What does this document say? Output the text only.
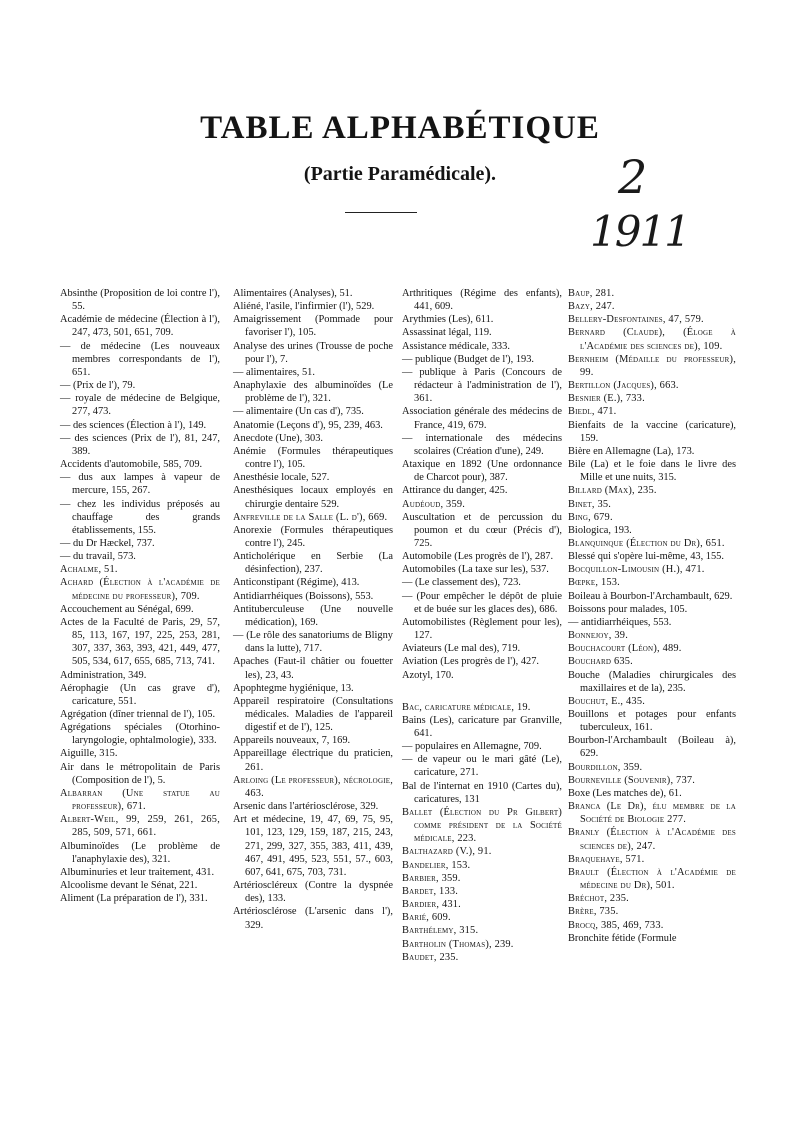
TABLE ALPHABÉTIQUE
(Partie Paramédicale).	2
1911

Absinthe (Proposition de loi contre l'), 55.

Académie de médecine (Élection à l'), 247, 473, 501, 651, 709.

— de médecine (Les nouveaux membres correspondants de l'), 651.

— (Prix de l'), 79.

— royale de médecine de Belgique, 277, 473.

— des sciences (Élection à l'), 149.

— des sciences (Prix de l'), 81, 247, 389.

Accidents d'automobile, 585, 709.

— dus aux lampes à vapeur de mercure, 155, 267.

— chez les individus préposés au chauffage des grands établissements, 155.

— du Dr Hæckel, 737.

— du travail, 573.

Achalme, 51.

Achard (Élection à l'académie de médecine du professeur), 709.

Accouchement au Sénégal, 699.

Actes de la Faculté de Paris, 29, 57, 85, 113, 167, 197, 225, 253, 281, 307, 337, 363, 393, 421, 449, 477, 505, 534, 617, 655, 685, 713, 741.

Administration, 349.

Aérophagie (Un cas grave d'), caricature, 551.

Agrégation (dîner triennal de l'), 105.

Agrégations spéciales (Otorhino-laryngologie, ophtalmologie), 333.

Aiguille, 315.

Air dans le métropolitain de Paris (Composition de l'), 5.

Albarran (Une statue au professeur), 671.

Albert-Weil, 99, 259, 261, 265, 285, 509, 571, 661.

Albuminoïdes (Le problème de l'anaphylaxie des), 321.

Albuminuries et leur traitement, 431.

Alcoolisme devant le Sénat, 221.

Aliment (La préparation de l'), 331.

Alimentaires (Analyses), 51.

Aliéné, l'asile, l'infirmier (l'), 529.

Amaigrissement (Pommade pour favoriser l'), 105.

Analyse des urines (Trousse de poche pour l'), 7.

— alimentaires, 51.

Anaphylaxie des albuminoïdes (Le problème de l'), 321.

— alimentaire (Un cas d'), 735.

Anatomie (Leçons d'), 95, 239, 463.

Anecdote (Une), 303.

Anémie (Formules thérapeutiques contre l'), 105.

Anesthésie locale, 527.

Anesthésiques locaux employés en chirurgie dentaire 529.

Anfreville de la Salle (L. d'), 669.

Anorexie (Formules thérapeutiques contre l'), 245.

Anticholérique en Serbie (La désinfection), 237.

Anticonstipant (Régime), 413.

Antidiarrhéiques (Boissons), 553.

Antituberculeuse (Une nouvelle médication), 169.

— (Le rôle des sanatoriums de Bligny dans la lutte), 717.

Apaches (Faut-il châtier ou fouetter les), 23, 43.

Apophtegme hygiénique, 13.

Appareil respiratoire (Consultations médicales. Maladies de l'appareil digestif et de l'), 125.

Appareils nouveaux, 7, 169.

Appareillage électrique du praticien, 261.

Arloing (Le professeur), nécrologie, 463.

Arsenic dans l'artériosclérose, 329.

Art et médecine, 19, 47, 69, 75, 95, 101, 123, 129, 159, 187, 215, 243, 271, 299, 327, 355, 383, 411, 439, 467, 491, 495, 523, 551, 57., 603, 607, 641, 675, 703, 731.

Artérioscléreux (Contre la dyspnée des), 133.

Artériosclérose (L'arsenic dans l'), 329.

Arthritiques (Régime des enfants), 441, 609.

Arythmies (Les), 611.

Assassinat légal, 119.

Assistance médicale, 333.

— publique (Budget de l'), 193.

— publique à Paris (Concours de rédacteur à l'administration de l'), 361.

Association générale des médecins de France, 419, 679.

— internationale des médecins scolaires (Création d'une), 249.

Ataxique en 1892 (Une ordonnance de Charcot pour), 387.

Attirance du danger, 425.

Audéoud, 359.

Auscultation et de percussion du poumon et du cœur (Précis d'), 725.

Automobile (Les progrès de l'), 287.

Automobiles (La taxe sur les), 537.

— (Le classement des), 723.

— (Pour empêcher le dépôt de pluie et de buée sur les glaces des), 686.

Automobilistes (Règlement pour les), 127.

Aviateurs (Le mal des), 719.

Aviation (Les progrès de l'), 427.

Azotyl, 170.

Bac, caricature médicale, 19.

Bains (Les), caricature par Granville, 641.

— populaires en Allemagne, 709.

— de vapeur ou le mari gâté (Le), caricature, 271.

Bal de l'internat en 1910 (Cartes du), caricatures, 131

Ballet (Élection du Pr Gilbert) comme président de la Société médicale, 223.

Balthazard (V.), 91.

Bandelier, 153.

Barbier, 359.

Bardet, 133.

Bardier, 431.

Barié, 609.

Barthélemy, 315.

Bartholin (Thomas), 239.

Baudet, 235.

Baup, 281.

Bazy, 247.

Bellery-Desfontaines, 47, 579.

Bernard (Claude), (Éloge à l'Académie des sciences de), 109.

Bernheim (Médaille du professeur), 99.

Bertillon (Jacques), 663.

Besnier (E.), 733.

Biedl, 471.

Bienfaits de la vaccine (caricature), 159.

Bière en Allemagne (La), 173.

Bile (La) et le foie dans le livre des Mille et une nuits, 315.

Billard (Max), 235.

Binet, 35.

Bing, 679.

Biologica, 193.

Blanquinque (Élection du Dr), 651.

Blessé qui s'opère lui-même, 43, 155.

Bocquillon-Limousin (H.), 471.

Bœpke, 153.

Boileau à Bourbon-l'Archambault, 629.

Boissons pour malades, 105.

— antidiarrhéiques, 553.

Bonnejoy, 39.

Bouchacourt (Léon), 489.

Bouchard 635.

Bouche (Maladies chirurgicales des maxillaires et de la), 235.

Bouchut, E., 435.

Bouillons et potages pour enfants tuberculeux, 161.

Bourbon-l'Archambault (Boileau à), 629.

Bourdillon, 359.

Bourneville (Souvenir), 737.

Boxe (Les matches de), 61.

Branca (Le Dr), élu membre de la Société de Biologie 277.

Branly (Élection à l'Académie des sciences de), 247.

Braquehaye, 571.

Brault (Élection à l'Académie de médecine du Dr), 501.

Bréchot, 235.

Brère, 735.

Brocq, 385, 469, 733.

Bronchite fétide (Formule
